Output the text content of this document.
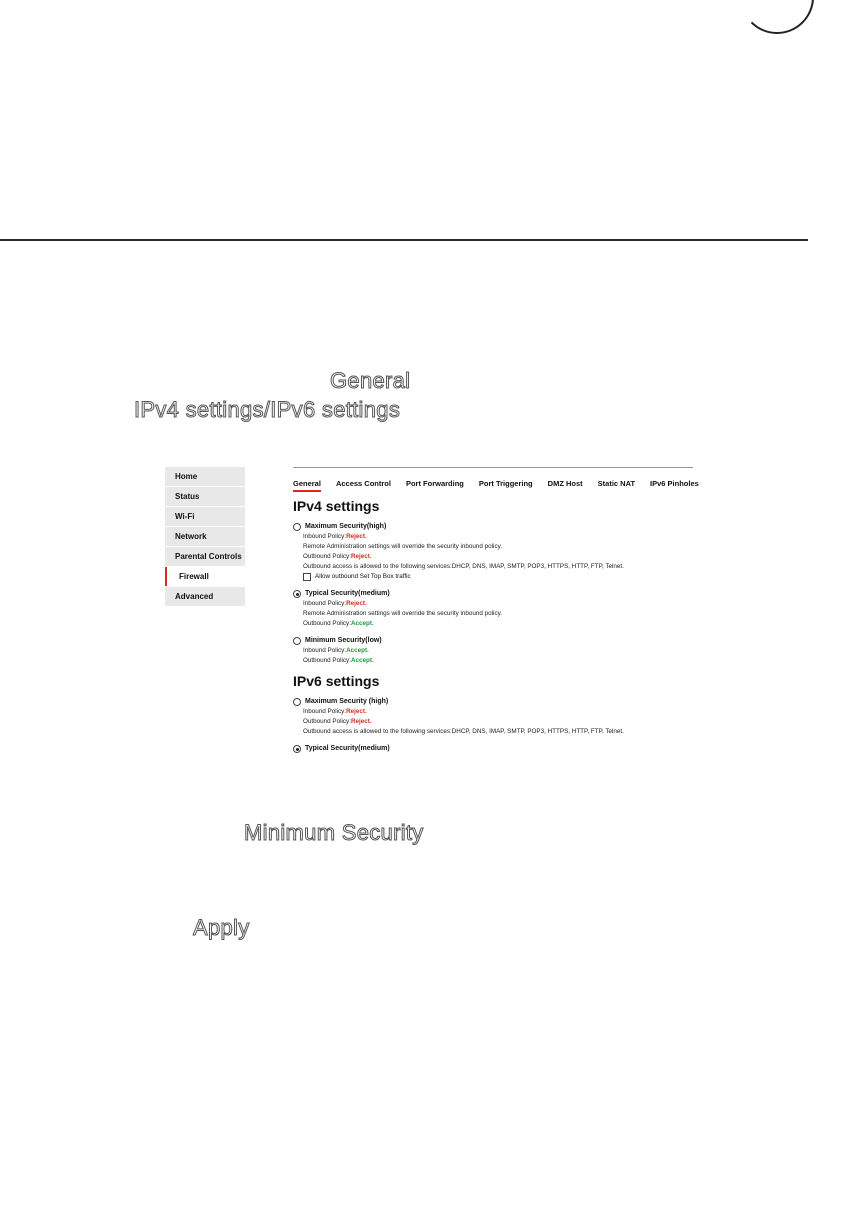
General
IPv4 settings/IPv6 settings
Home
Status
Wi-Fi
Network
Parental Controls
Firewall
Advanced
General Access Control Port Forwarding Port Triggering DMZ Host Static NAT IPv6 Pinholes
IPv4 settings
Maximum Security(high)
Inbound Policy:Reject.
Remote Administration settings will override the security inbound policy.
Outbound Policy:Reject.
Outbound access is allowed to the following services:DHCP, DNS, IMAP, SMTP, POP3, HTTPS, HTTP, FTP, Telnet.
Allow outbound Set Top Box traffic
Typical Security(medium)
Inbound Policy:Reject.
Remote Administration settings will override the security inbound policy.
Outbound Policy:Accept.
Minimum Security(low)
Inbound Policy:Accept.
Outbound Policy:Accept.
IPv6 settings
Maximum Security (high)
Inbound Policy:Reject.
Outbound Policy:Reject.
Outbound access is allowed to the following services:DHCP, DNS, IMAP, SMTP, POP3, HTTPS, HTTP, FTP, Telnet.
Typical Security(medium)
Minimum Security
Apply
